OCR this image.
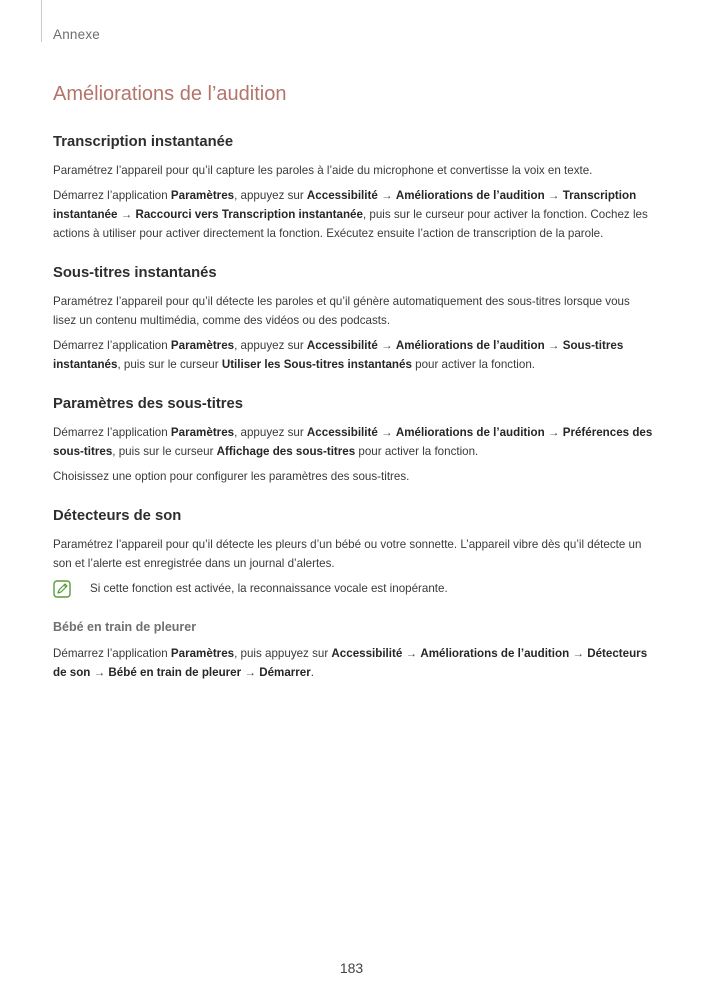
Annexe
Améliorations de l’audition
Transcription instantanée

Paramétrez l’appareil pour qu’il capture les paroles à l’aide du microphone et convertisse la voix en texte.

Démarrez l’application Paramètres, appuyez sur Accessibilité → Améliorations de l’audition → Transcription instantanée → Raccourci vers Transcription instantanée, puis sur le curseur pour activer la fonction. Cochez les actions à utiliser pour activer directement la fonction. Exécutez ensuite l’action de transcription de la parole.

Sous-titres instantanés

Paramétrez l’appareil pour qu’il détecte les paroles et qu’il génère automatiquement des sous-titres lorsque vous lisez un contenu multimédia, comme des vidéos ou des podcasts.

Démarrez l’application Paramètres, appuyez sur Accessibilité → Améliorations de l’audition → Sous-titres instantanés, puis sur le curseur Utiliser les Sous-titres instantanés pour activer la fonction.

Paramètres des sous-titres

Démarrez l’application Paramètres, appuyez sur Accessibilité → Améliorations de l’audition → Préférences des sous-titres, puis sur le curseur Affichage des sous-titres pour activer la fonction.

Choisissez une option pour configurer les paramètres des sous-titres.

Détecteurs de son

Paramétrez l’appareil pour qu’il détecte les pleurs d’un bébé ou votre sonnette. L’appareil vibre dès qu’il détecte un son et l’alerte est enregistrée dans un journal d’alertes.

Si cette fonction est activée, la reconnaissance vocale est inopérante.

Bébé en train de pleurer

Démarrez l’application Paramètres, puis appuyez sur Accessibilité → Améliorations de l’audition → Détecteurs de son → Bébé en train de pleurer → Démarrer.

183
